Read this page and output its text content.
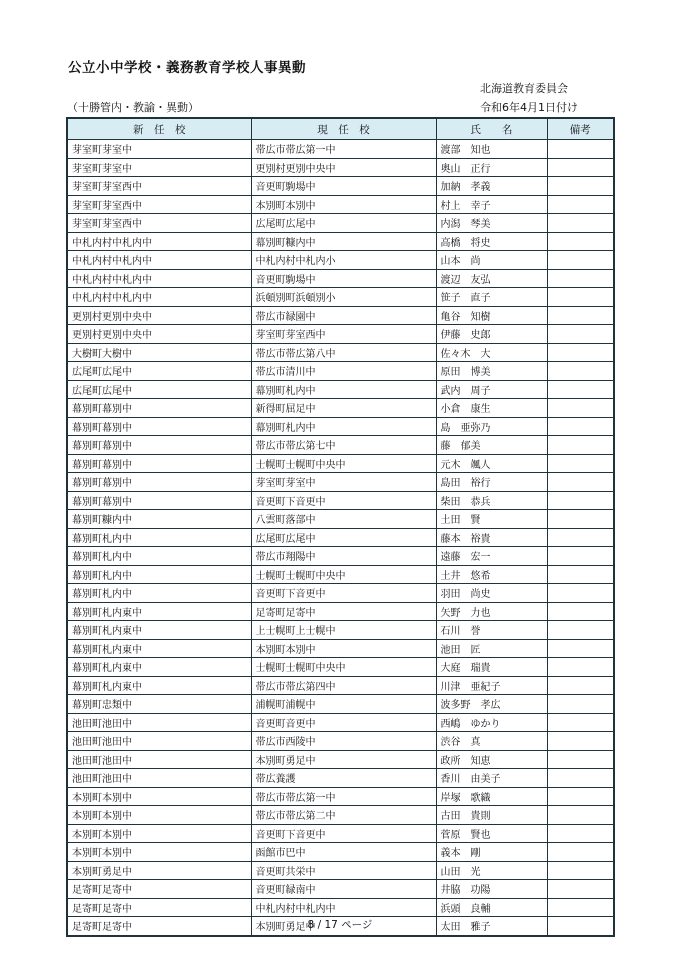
公立小中学校・義務教育学校人事異動
北海道教育委員会
（十勝管内・教諭・異動）	令和6年4月1日付け
新　任　校	現　任　校	氏　　名	備考
芽室町芽室中	帯広市帯広第一中	渡部　知也	
芽室町芽室中	更別村更別中央中	奥山　正行	
芽室町芽室西中	音更町駒場中	加納　孝義	
芽室町芽室西中	本別町本別中	村上　幸子	
芽室町芽室西中	広尾町広尾中	内潟　琴美	
中札内村中札内中	幕別町糠内中	高橋　将史	
中札内村中札内中	中札内村中札内小	山本　尚	
中札内村中札内中	音更町駒場中	渡辺　友弘	
中札内村中札内中	浜頓別町浜頓別小	笹子　直子	
更別村更別中央中	帯広市緑園中	亀谷　知樹	
更別村更別中央中	芽室町芽室西中	伊藤　史郎	
大樹町大樹中	帯広市帯広第八中	佐々木　大	
広尾町広尾中	帯広市清川中	原田　博美	
広尾町広尾中	幕別町札内中	武内　周子	
幕別町幕別中	新得町屈足中	小倉　康生	
幕別町幕別中	幕別町札内中	島　亜弥乃	
幕別町幕別中	帯広市帯広第七中	藤　郁美	
幕別町幕別中	士幌町士幌町中央中	元木　颯人	
幕別町幕別中	芽室町芽室中	島田　裕行	
幕別町幕別中	音更町下音更中	柴田　恭兵	
幕別町糠内中	八雲町落部中	土田　賢	
幕別町札内中	広尾町広尾中	藤本　裕貴	
幕別町札内中	帯広市翔陽中	遠藤　宏一	
幕別町札内中	士幌町士幌町中央中	土井　悠希	
幕別町札内中	音更町下音更中	羽田　尚史	
幕別町札内東中	足寄町足寄中	矢野　力也	
幕別町札内東中	上士幌町上士幌中	石川　誉	
幕別町札内東中	本別町本別中	池田　匠	
幕別町札内東中	士幌町士幌町中央中	大庭　瑞貴	
幕別町札内東中	帯広市帯広第四中	川津　亜紀子	
幕別町忠類中	浦幌町浦幌中	波多野　孝広	
池田町池田中	音更町音更中	西嶋　ゆかり	
池田町池田中	帯広市西陵中	渋谷　真	
池田町池田中	本別町勇足中	政所　知恵	
池田町池田中	帯広養護	香川　由美子	
本別町本別中	帯広市帯広第一中	岸塚　歌織	
本別町本別中	帯広市帯広第二中	古田　貴則	
本別町本別中	音更町下音更中	菅原　賢也	
本別町本別中	函館市巴中	義本　剛	
本別町勇足中	音更町共栄中	山田　光	
足寄町足寄中	音更町緑南中	井脇　功陽	
足寄町足寄中	中札内村中札内中	浜頭　良輔	
足寄町足寄中	本別町勇足中	太田　雅子	
8 / 17 ページ
